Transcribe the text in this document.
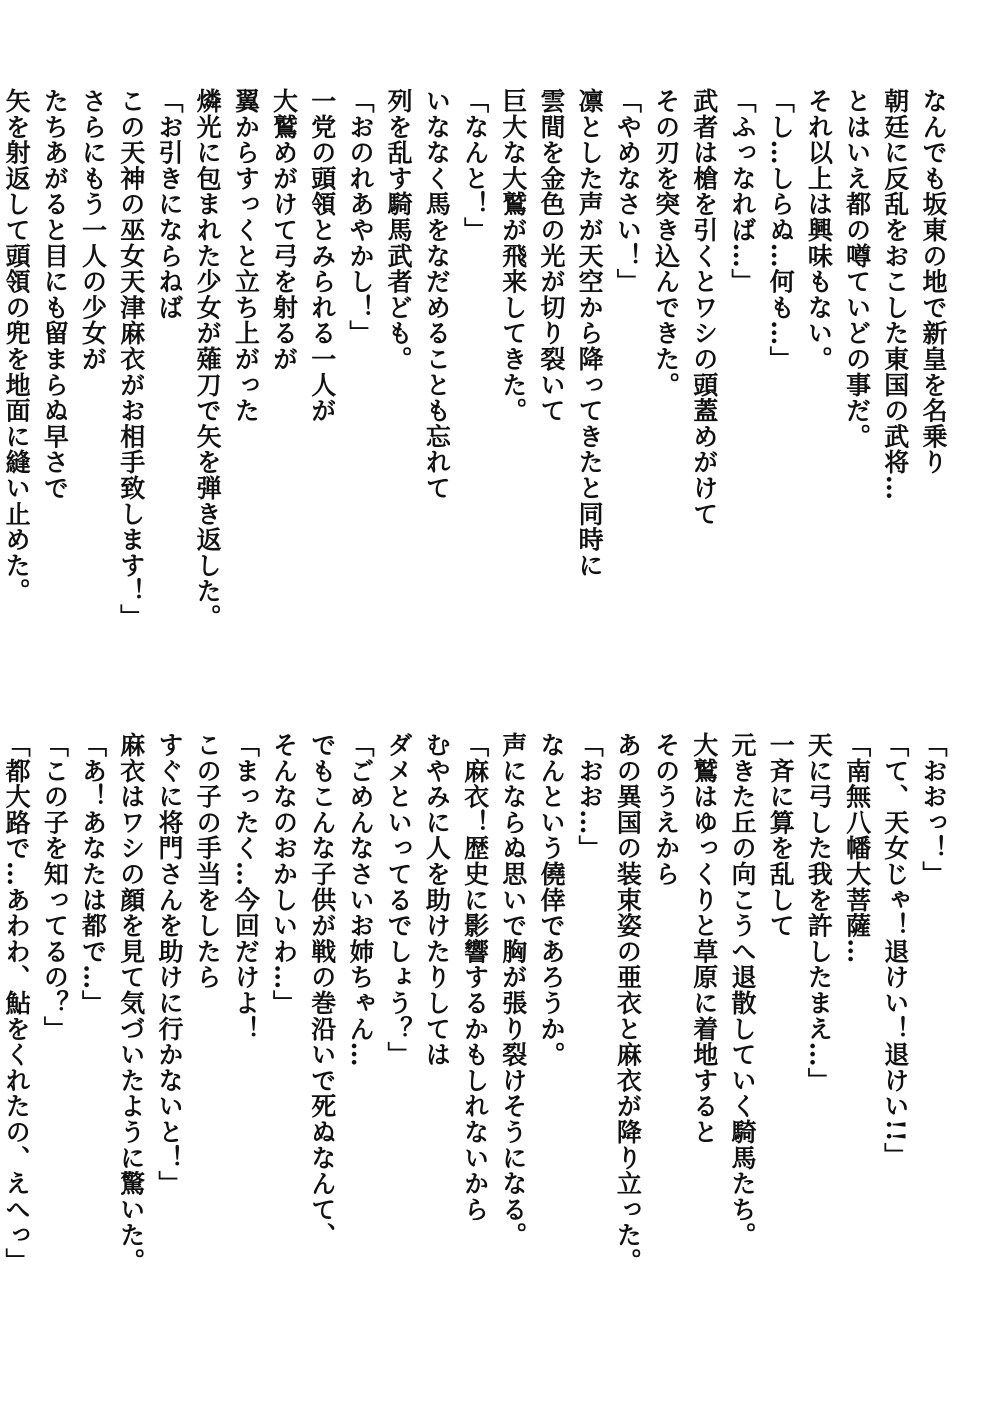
なんでも坂東の地で新皇を名乗り
朝廷に反乱をおこした東国の武将…
とはいえ都の噂ていどの事だ。
それ以上は興味もない。
「し…しらぬ…何も…」
「ふっなれば…」
武者は槍を引くとワシの頭蓋めがけて
その刃を突き込んできた。
「やめなさい！」
凛とした声が天空から降ってきたと同時に
雲間を金色の光が切り裂いて
巨大な大鷲が飛来してきた。
「なんと！」
いななく馬をなだめることも忘れて
列を乱す騎馬武者ども。
「おのれあやかし！」
一党の頭領とみられる一人が
大鷲めがけて弓を射るが
翼からすっくと立ち上がった
燐光に包まれた少女が薙刀で矢を弾き返した。
「お引きにならねば
この天神の巫女天津麻衣がお相手致します！」
さらにもう一人の少女が
たちあがると目にも留まらぬ早さで
矢を射返して頭領の兜を地面に縫い止めた。
「おおっ！」
「て、天女じゃ！退けい！退けい!!」
「南無八幡大菩薩…
天に弓した我を許したまえ…」
一斉に算を乱して
元きた丘の向こうへ退散していく騎馬たち。
大鷲はゆっくりと草原に着地すると
そのうえから
あの異国の装束姿の亜衣と麻衣が降り立った。
「おお…」
なんという僥倖であろうか。
声にならぬ思いで胸が張り裂けそうになる。
「麻衣！歴史に影響するかもしれないから
むやみに人を助けたりしては
ダメといってるでしょう？」
「ごめんなさいお姉ちゃん…
でもこんな子供が戦の巻沿いで死ぬなんて、
そんなのおかしいわ…」
「まったく…今回だけよ！
この子の手当をしたら
すぐに将門さんを助けに行かないと！」
麻衣はワシの顔を見て気づいたように驚いた。
「あ！あなたは都で…」
「この子を知ってるの？」
「都大路で…あわわ、鮎をくれたの、えへっ」
